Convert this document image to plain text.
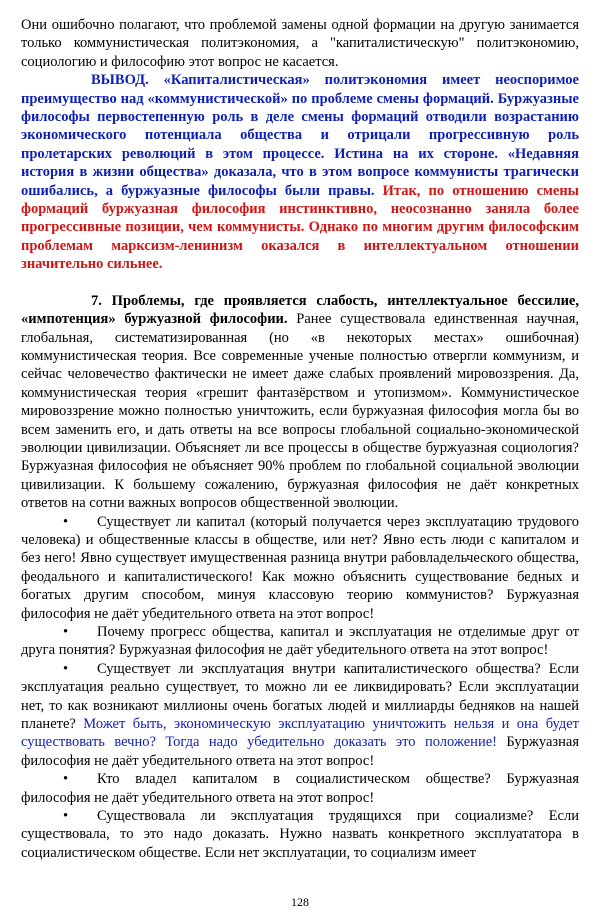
Они ошибочно полагают, что проблемой замены одной формации на другую занимается только коммунистическая политэкономия, а "капиталистическую" политэкономию, социологию и философию этот вопрос не касается.

ВЫВОД. «Капиталистическая» политэкономия имеет неоспоримое преимущество над «коммунистической» по проблеме смены формаций. Буржуазные философы первостепенную роль в деле смены формаций отводили возрастанию экономического потенциала общества и отрицали прогрессивную роль пролетарских революций в этом процессе. Истина на их стороне. «Недавняя история в жизни общества» доказала, что в этом вопросе коммунисты трагически ошибались, а буржуазные философы были правы. Итак, по отношению смены формаций буржуазная философия инстинктивно, неосознанно заняла более прогрессивные позиции, чем коммунисты. Однако по многим другим философским проблемам марксизм-ленинизм оказался в интеллектуальном отношении значительно сильнее.

7. Проблемы, где проявляется слабость, интеллектуальное бессилие, «импотенция» буржуазной философии. Ранее существовала единственная научная, глобальная, систематизированная (но «в некоторых местах» ошибочная) коммунистическая теория. Все современные ученые полностью отвергли коммунизм, и сейчас человечество фактически не имеет даже слабых проявлений мировоззрения. Да, коммунистическая теория «грешит фантазёрством и утопизмом». Коммунистическое мировоззрение можно полностью уничтожить, если буржуазная философия могла бы во всем заменить его, и дать ответы на все вопросы глобальной социально-экономической эволюции цивилизации. Объясняет ли все процессы в обществе буржуазная социология? Буржуазная философия не объясняет 90% проблем по глобальной социальной эволюции цивилизации. К большему сожалению, буржуазная философия не даёт конкретных ответов на сотни важных вопросов общественной эволюции.

• Существует ли капитал (который получается через эксплуатацию трудового человека) и общественные классы в обществе, или нет? Явно есть люди с капиталом и без него! Явно существует имущественная разница внутри рабовладельческого общества, феодального и капиталистического! Как можно объяснить существование бедных и богатых другим способом, минуя классовую теорию коммунистов? Буржуазная философия не даёт убедительного ответа на этот вопрос!

• Почему прогресс общества, капитал и эксплуатация не отделимые друг от друга понятия? Буржуазная философия не даёт убедительного ответа на этот вопрос!

• Существует ли эксплуатация внутри капиталистического общества? Если эксплуатация реально существует, то можно ли ее ликвидировать? Если эксплуатации нет, то как возникают миллионы очень богатых людей и миллиарды бедняков на нашей планете? Может быть, экономическую эксплуатацию уничтожить нельзя и она будет существовать вечно? Тогда надо убедительно доказать это положение! Буржуазная философия не даёт убедительного ответа на этот вопрос!

• Кто владел капиталом в социалистическом обществе? Буржуазная философия не даёт убедительного ответа на этот вопрос!

• Существовала ли эксплуатация трудящихся при социализме? Если существовала, то это надо доказать. Нужно назвать конкретного эксплуататора в социалистическом обществе. Если нет эксплуатации, то социализм имеет

128
